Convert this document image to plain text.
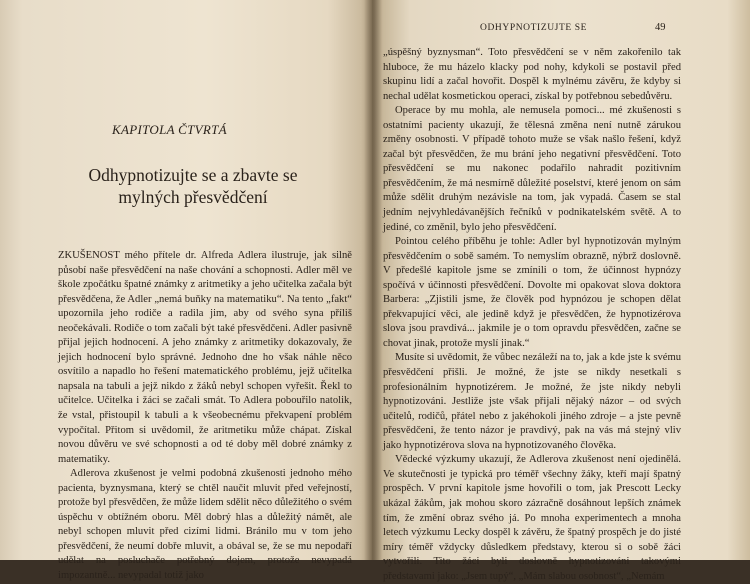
KAPITOLA ČTVRTÁ
Odhypnotizujte se a zbavte se
mylných přesvědčení

ZKUŠENOST mého přítele dr. Alfreda Adlera ilustruje, jak silně působí naše přesvědčení na naše chování a schopnosti. Adler měl ve škole zpočátku špatné známky z aritmetiky a jeho učitelka začala být přesvědčena, že Adler „nemá buňky na matematiku“. Na tento „fakt“ upozornila jeho rodiče a radila jim, aby od svého syna příliš neočekávali. Rodiče o tom začali být také přesvědčeni. Adler pasivně přijal jejich hodnocení. A jeho známky z aritmetiky dokazovaly, že jejich hodnocení bylo správné. Jednoho dne ho však náhle něco osvítilo a napadlo ho řešení matematického problému, jejž učitelka napsala na tabuli a jejž nikdo z žáků nebyl schopen vyřešit. Řekl to učitelce. Učitelka i žáci se začali smát. To Adlera pobouřilo natolik, že vstal, přistoupil k tabuli a k všeobecnému překvapení problém vypočítal. Přitom si uvědomil, že aritmetiku může chápat. Získal novou důvěru ve své schopnosti a od té doby měl dobré známky z matematiky.

Adlerova zkušenost je velmi podobná zkušenosti jednoho mého pacienta, byznysmana, který se chtěl naučit mluvit před veřejností, protože byl přesvědčen, že může lidem sdělit něco důležitého o svém úspěchu v obtížném oboru. Měl dobrý hlas a důležitý námět, ale nebyl schopen mluvit před cizími lidmi. Bránilo mu v tom jeho přesvědčení, že neumí dobře mluvit, a obával se, že se mu nepodaří udělat na posluchače potřebný dojem, protože nevypadá impozantně... nevypadal totiž jako

ODHYPNOTIZUJTE SE	49

„úspěšný byznysman“. Toto přesvědčení se v něm zakořenilo tak hluboce, že mu házelo klacky pod nohy, kdykoli se postavil před skupinu lidí a začal hovořit. Dospěl k mylnému závěru, že kdyby si nechal udělat kosmetickou operaci, získal by potřebnou sebedůvěru.

Operace by mu mohla, ale nemusela pomoci... mé zkušenosti s ostatními pacienty ukazují, že tělesná změna není nutně zárukou změny osobnosti. V případě tohoto muže se však našlo řešení, když začal být přesvědčen, že mu brání jeho negativní přesvědčení. Toto přesvědčení se mu nakonec podařilo nahradit pozitivním přesvědčením, že má nesmírně důležité poselství, které jenom on sám může sdělit druhým nezávisle na tom, jak vypadá. Časem se stal jedním nejvyhledávanějších řečníků v podnikatelském světě. A to jediné, co změnil, bylo jeho přesvědčení.

Pointou celého příběhu je tohle: Adler byl hypnotizován mylným přesvědčením o sobě samém. To nemyslím obrazně, nýbrž doslovně. V předešlé kapitole jsme se zmínili o tom, že účinnost hypnózy spočívá v účinnosti přesvědčení. Dovolte mi opakovat slova doktora Barbera: „Zjistili jsme, že člověk pod hypnózou je schopen dělat překvapující věci, ale jedině když je přesvědčen, že hypnotizérova slova jsou pravdivá... jakmile je o tom opravdu přesvědčen, začne se chovat jinak, protože myslí jinak.“

Musíte si uvědomit, že vůbec nezáleží na to, jak a kde jste k svému přesvědčení přišli. Je možné, že jste se nikdy nesetkali s profesionálním hypnotizérem. Je možné, že jste nikdy nebyli hypnotizováni. Jestliže jste však přijali nějaký názor – od svých učitelů, rodičů, přátel nebo z jakéhokoli jiného zdroje – a jste pevně přesvědčeni, že tento názor je pravdivý, pak na vás má stejný vliv jako hypnotizérova slova na hypnotizovaného člověka.

Vědecké výzkumy ukazují, že Adlerova zkušenost není ojedinělá. Ve skutečnosti je typická pro téměř všechny žáky, kteří mají špatný prospěch. V první kapitole jsme hovořili o tom, jak Prescott Lecky ukázal žákům, jak mohou skoro zázračně dosáhnout lepších známek tím, že změní obraz svého já. Po mnoha experimentech a mnoha letech výzkumu Lecky dospěl k závěru, že špatný prospěch je do jisté míry téměř vždycky důsledkem představy, kterou si o sobě žáci vytvořili. Tito žáci byli doslovně hypnotizováni takovými představami jako: „Jsem tupý“, „Mám slabou osobnost“, „Nemám
